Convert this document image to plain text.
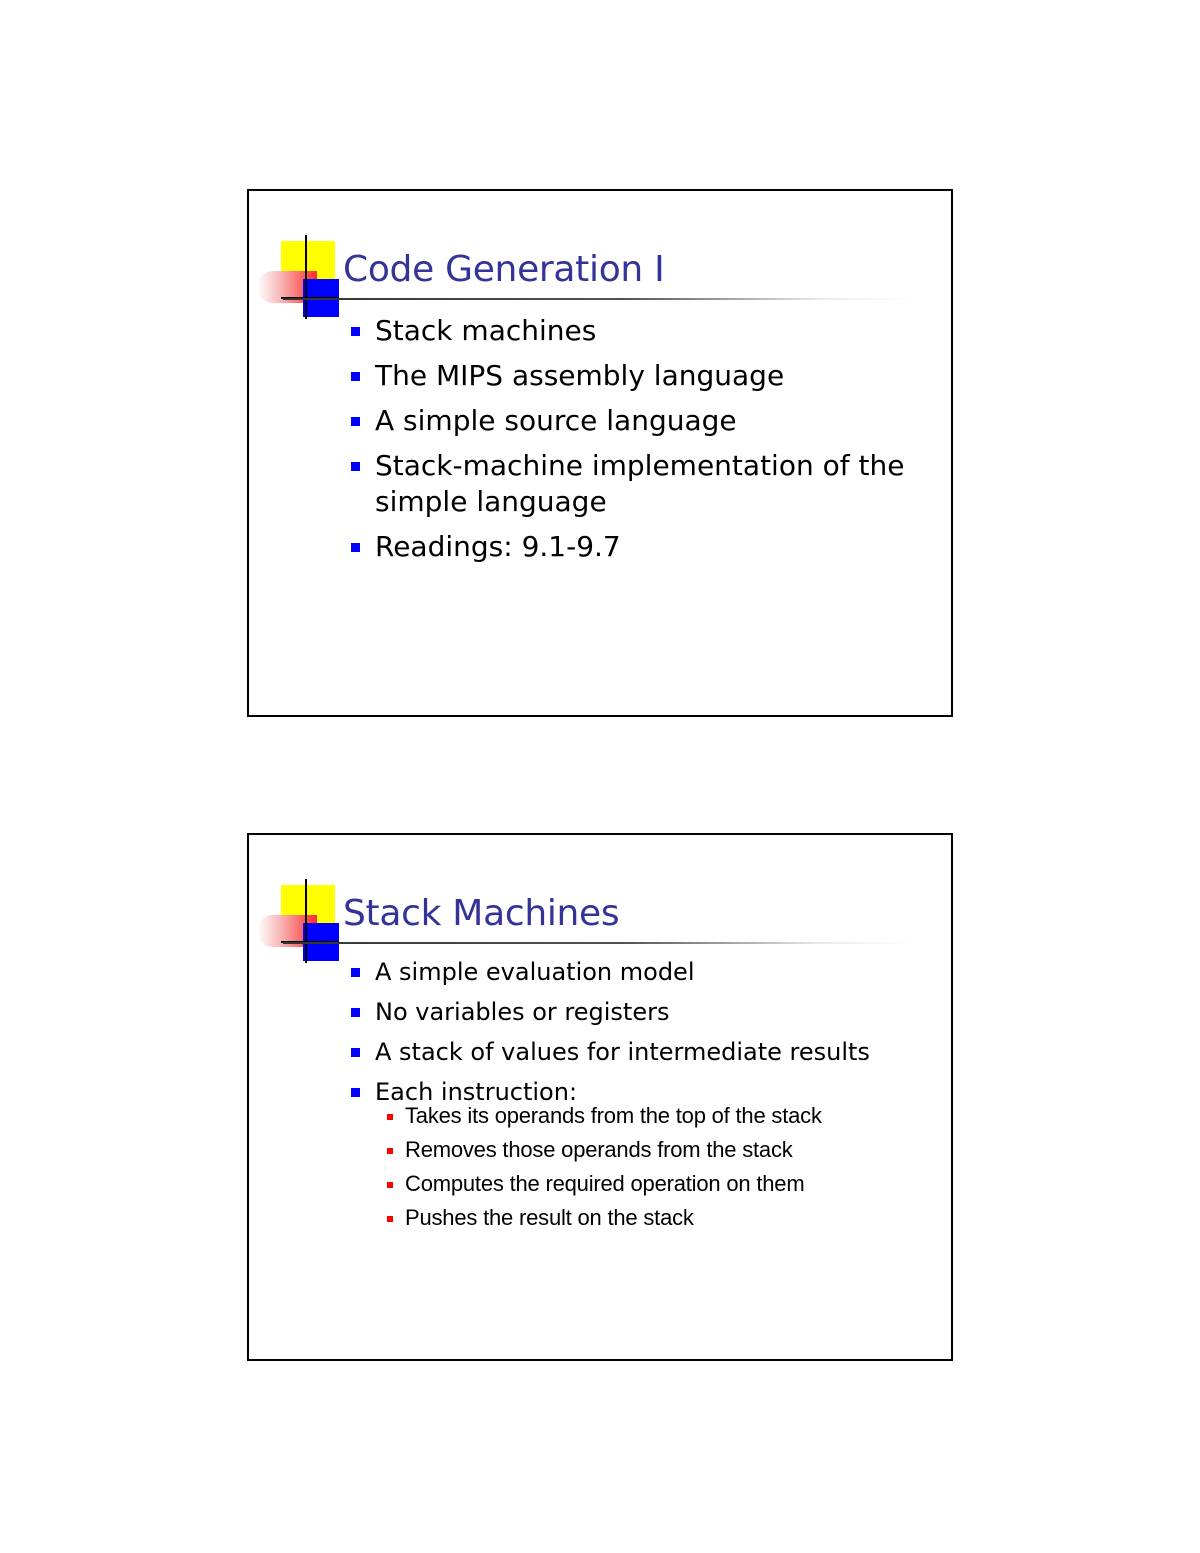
Code Generation I
Stack machines
The MIPS assembly language
A simple source language
Stack-machine implementation of the simple language
Readings: 9.1-9.7
Stack Machines
A simple evaluation model
No variables or registers
A stack of values for intermediate results
Each instruction:
Takes its operands from the top of the stack
Removes those operands from the stack
Computes the required operation on them
Pushes the result on the stack
